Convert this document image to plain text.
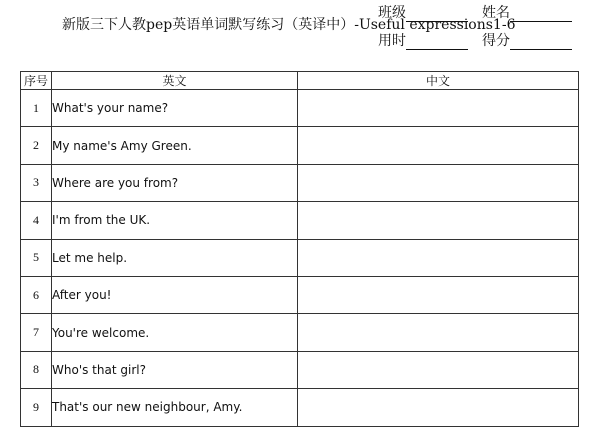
班级	姓名
新版三下人教pep英语单词默写练习（英译中）-Useful expressions1-6
用时	得分
序号	英文	中文
1	What's your name?	
2	My name's Amy Green.	
3	Where are you from?	
4	I'm from the UK.	
5	Let me help.	
6	After you!	
7	You're welcome.	
8	Who's that girl?	
9	That's our new neighbour, Amy.	
